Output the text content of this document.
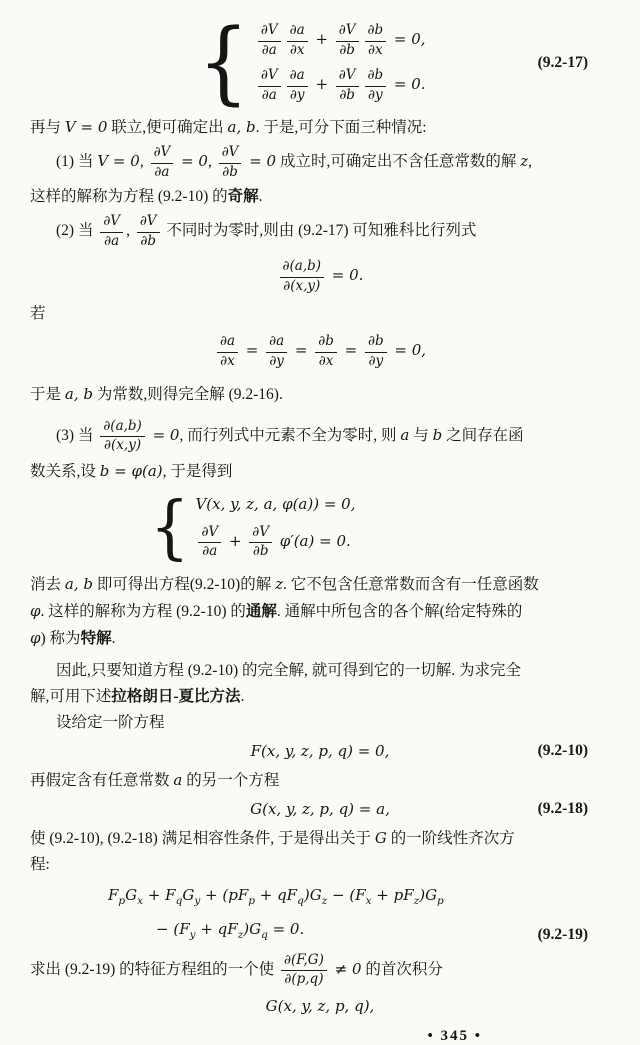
{ $\frac{\partial V}{\partial a} \frac{\partial a}{\partial x} + \frac{\partial V}{\partial b} \frac{\partial b}{\partial x} = 0$,
$\frac{\partial V}{\partial a} \frac{\partial a}{\partial y} + \frac{\partial V}{\partial b} \frac{\partial b}{\partial y} = 0$.
(9.2-17)
再与 V = 0 联立,便可确定出 a, b. 于是,可分下面三种情况:
(1) 当 V = 0, $\frac{\partial V}{\partial a} = 0$, $\frac{\partial V}{\partial b} = 0$ 成立时,可确定出不含任意常数的解 z,
这样的解称为方程 (9.2-10) 的奇解.
(2) 当 $\frac{\partial V}{\partial a}$ , $\frac{\partial V}{\partial b}$ 不同时为零时,则由 (9.2-17) 可知雅科比行列式
$\frac{\partial(a,b)}{\partial(x,y)} = 0$.
若
$\frac{\partial a}{\partial x} = \frac{\partial a}{\partial y} = \frac{\partial b}{\partial x} = \frac{\partial b}{\partial y} = 0$,
于是 a, b 为常数,则得完全解 (9.2-16).
(3) 当 $\frac{\partial(a,b)}{\partial(x,y)} = 0$, 而行列式中元素不全为零时, 则 a 与 b 之间存在函
数关系,设 b = φ(a), 于是得到
{ V(x, y, z, a, φ(a)) = 0,
$\frac{\partial V}{\partial a} + \frac{\partial V}{\partial b} \varphi'(a) = 0$.
消去 a, b 即可得出方程(9.2-10)的解 z. 它不包含任意常数而含有一任意函数
φ. 这样的解称为方程 (9.2-10) 的通解. 通解中所包含的各个解(给定特殊的
φ) 称为特解.
因此,只要知道方程 (9.2-10) 的完全解, 就可得到它的一切解. 为求完全
解,可用下述拉格朗日-夏比方法.
设给定一阶方程
F(x, y, z, p, q) = 0,	(9.2-10)
再假定含有任意常数 a 的另一个方程
G(x, y, z, p, q) = a,	(9.2-18)
使 (9.2-10), (9.2-18) 满足相容性条件, 于是得出关于 G 的一阶线性齐次方
程:
$F_pG_x + F_qG_y + (pF_p + qF_q)G_z - (F_x + pF_z)G_p$
− $(F_y + qF_z)G_q = 0$.	(9.2-19)
求出 (9.2-19) 的特征方程组的一个使 $\frac{\partial(F,G)}{\partial(p,q)} \ne 0$ 的首次积分
G(x, y, z, p, q),
• 345 •
